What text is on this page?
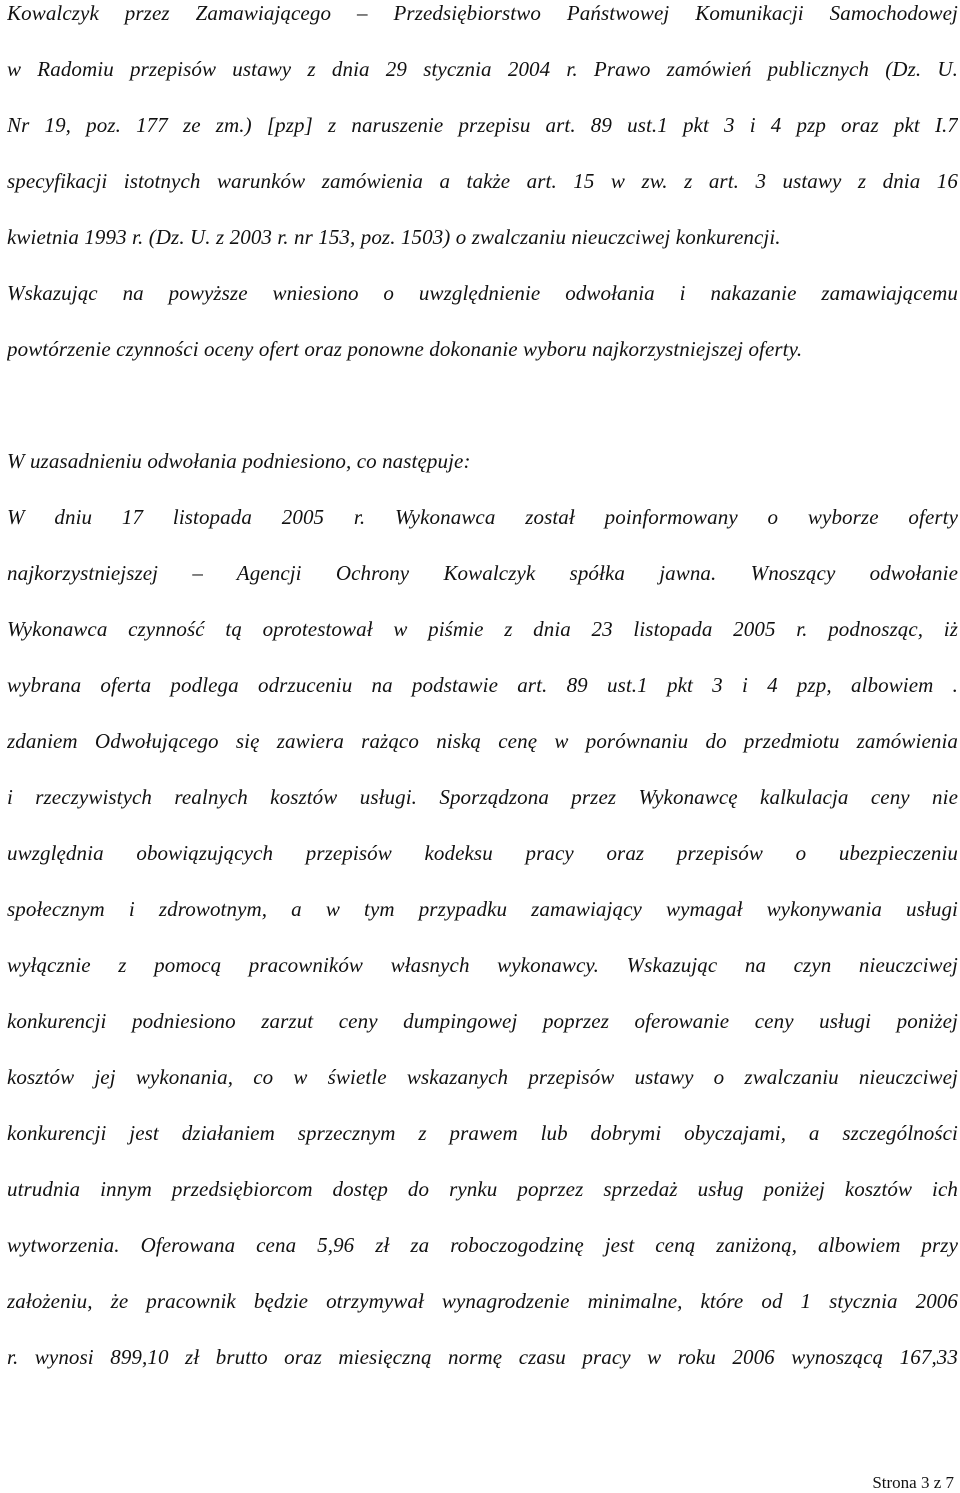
Kowalczyk przez Zamawiającego – Przedsiębiorstwo Państwowej Komunikacji Samochodowej
w Radomiu przepisów ustawy z dnia 29 stycznia 2004 r. Prawo zamówień publicznych (Dz. U.
Nr 19, poz. 177 ze zm.) [pzp] z naruszenie przepisu art. 89 ust.1 pkt 3 i 4 pzp oraz pkt I.7
specyfikacji istotnych warunków zamówienia a także art. 15 w zw. z art. 3 ustawy z dnia 16
kwietnia 1993 r. (Dz. U. z 2003 r. nr 153, poz. 1503) o zwalczaniu nieuczciwej konkurencji.
Wskazując na powyższe wniesiono o uwzględnienie odwołania i nakazanie zamawiającemu
powtórzenie czynności oceny ofert oraz ponowne dokonanie wyboru najkorzystniejszej oferty.
W uzasadnieniu odwołania podniesiono, co następuje:
W dniu 17 listopada 2005 r. Wykonawca został poinformowany o wyborze oferty
najkorzystniejszej – Agencji Ochrony Kowalczyk spółka jawna. Wnoszący odwołanie
Wykonawca czynność tą oprotestował w piśmie z dnia 23 listopada 2005 r. podnosząc, iż
wybrana oferta podlega odrzuceniu na podstawie art. 89 ust.1 pkt 3 i 4 pzp, albowiem .
zdaniem Odwołującego się zawiera rażąco niską cenę w porównaniu do przedmiotu zamówienia
i rzeczywistych realnych kosztów usługi. Sporządzona przez Wykonawcę kalkulacja ceny nie
uwzględnia obowiązujących przepisów kodeksu pracy oraz przepisów o ubezpieczeniu
społecznym i zdrowotnym, a w tym przypadku zamawiający wymagał wykonywania usługi
wyłącznie z pomocą pracowników własnych wykonawcy. Wskazując na czyn nieuczciwej
konkurencji podniesiono zarzut ceny dumpingowej poprzez oferowanie ceny usługi poniżej
kosztów jej wykonania, co w świetle wskazanych przepisów ustawy o zwalczaniu nieuczciwej
konkurencji jest działaniem sprzecznym z prawem lub dobrymi obyczajami, a szczególności
utrudnia innym przedsiębiorcom dostęp do rynku poprzez sprzedaż usług poniżej kosztów ich
wytworzenia. Oferowana cena 5,96 zł za roboczogodzinę jest ceną zaniżoną, albowiem przy
założeniu, że pracownik będzie otrzymywał wynagrodzenie minimalne, które od 1 stycznia 2006
r. wynosi 899,10 zł brutto oraz miesięczną normę czasu pracy w roku 2006 wynoszącą 167,33
Strona 3 z 7
